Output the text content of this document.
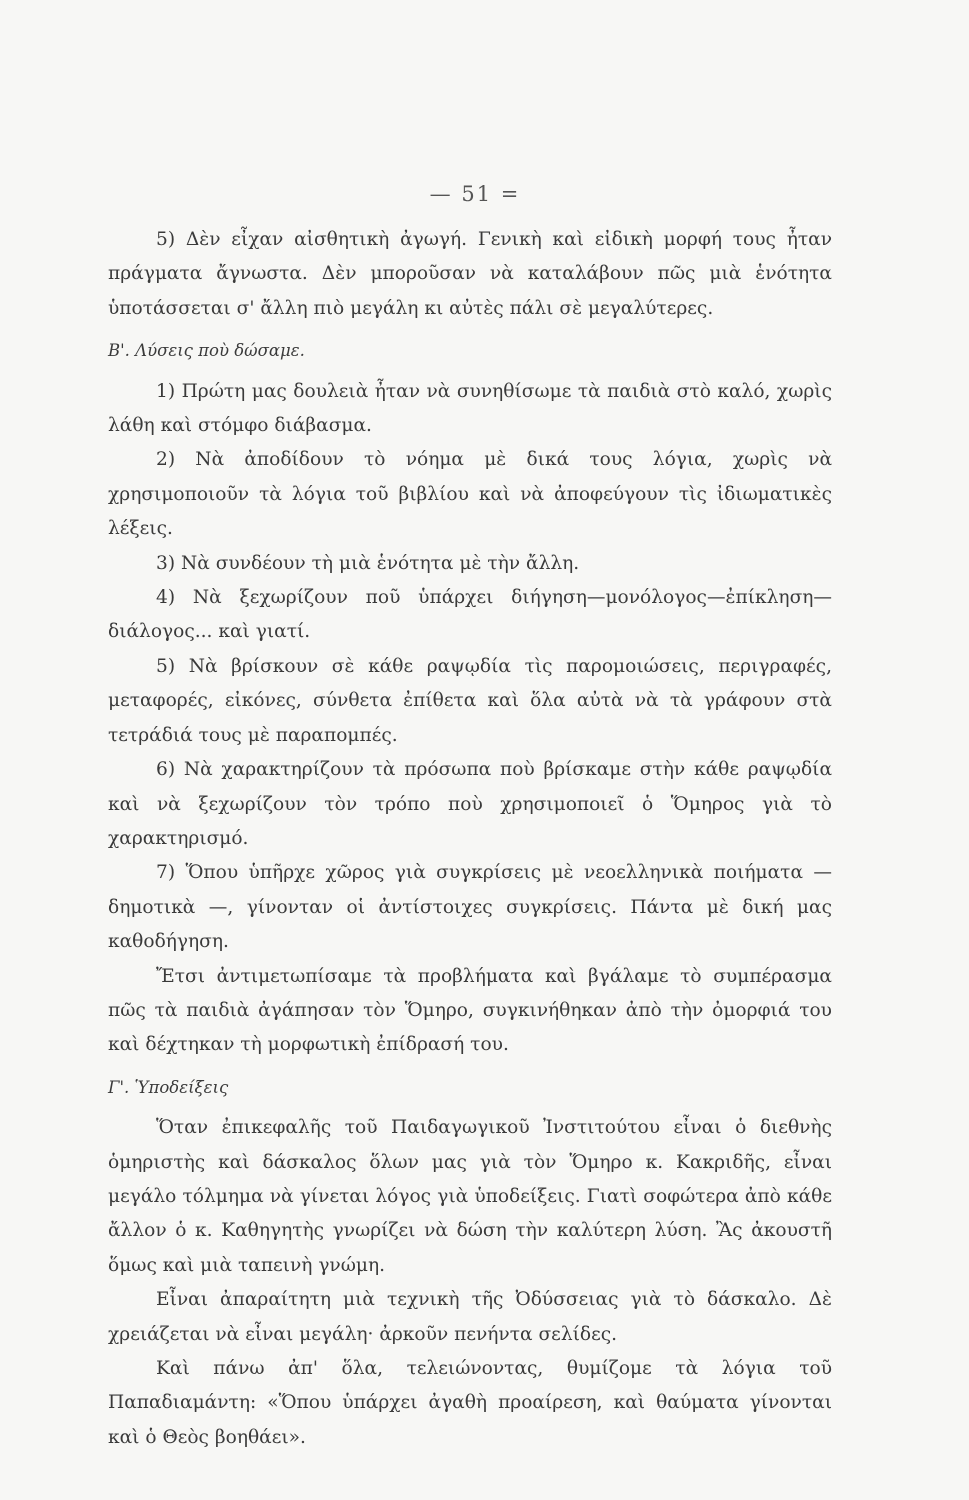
— 51 =

5) Δὲν εἶχαν αἰσθητικὴ ἀγωγή. Γενικὴ καὶ εἰδικὴ μορφή τους ἦταν πράγματα ἄγνωστα. Δὲν μποροῦσαν νὰ καταλάβουν πῶς μιὰ ἑνότητα ὑποτάσσεται σ' ἄλλη πιὸ μεγάλη κι αὐτὲς πάλι σὲ μεγαλύτερες.

Β'. Λύσεις ποὺ δώσαμε.

1) Πρώτη μας δουλειὰ ἦταν νὰ συνηθίσωμε τὰ παιδιὰ στὸ καλό, χωρὶς λάθη καὶ στόμφο διάβασμα.

2) Νὰ ἀποδίδουν τὸ νόημα μὲ δικά τους λόγια, χωρὶς νὰ χρησιμοποιοῦν τὰ λόγια τοῦ βιβλίου καὶ νὰ ἀποφεύγουν τὶς ἰδιωματικὲς λέξεις.

3) Νὰ συνδέουν τὴ μιὰ ἑνότητα μὲ τὴν ἄλλη.

4) Νὰ ξεχωρίζουν ποῦ ὑπάρχει διήγηση—μονόλογος—ἐπίκληση—διάλογος... καὶ γιατί.

5) Νὰ βρίσκουν σὲ κάθε ραψῳδία τὶς παρομοιώσεις, περιγραφές, μεταφορές, εἰκόνες, σύνθετα ἐπίθετα καὶ ὅλα αὐτὰ νὰ τὰ γράφουν στὰ τετράδιά τους μὲ παραπομπές.

6) Νὰ χαρακτηρίζουν τὰ πρόσωπα ποὺ βρίσκαμε στὴν κάθε ραψῳδία καὶ νὰ ξεχωρίζουν τὸν τρόπο ποὺ χρησιμοποιεῖ ὁ Ὅμηρος γιὰ τὸ χαρακτηρισμό.

7) Ὅπου ὑπῆρχε χῶρος γιὰ συγκρίσεις μὲ νεοελληνικὰ ποιήματα — δημοτικὰ —, γίνονταν οἱ ἀντίστοιχες συγκρίσεις. Πάντα μὲ δική μας καθοδήγηση.

Ἔτσι ἀντιμετωπίσαμε τὰ προβλήματα καὶ βγάλαμε τὸ συμπέρασμα πῶς τὰ παιδιὰ ἀγάπησαν τὸν Ὅμηρο, συγκινήθηκαν ἀπὸ τὴν ὀμορφιά του καὶ δέχτηκαν τὴ μορφωτικὴ ἐπίδρασή του.

Γ'. Ὑποδείξεις

Ὅταν ἐπικεφαλῆς τοῦ Παιδαγωγικοῦ Ἰνστιτούτου εἶναι ὁ διεθνὴς ὁμηριστὴς καὶ δάσκαλος ὅλων μας γιὰ τὸν Ὅμηρο κ. Κακριδῆς, εἶναι μεγάλο τόλμημα νὰ γίνεται λόγος γιὰ ὑποδείξεις. Γιατὶ σοφώτερα ἀπὸ κάθε ἄλλον ὁ κ. Καθηγητὴς γνωρίζει νὰ δώση τὴν καλύτερη λύση. Ἂς ἀκουστῆ ὅμως καὶ μιὰ ταπεινὴ γνώμη.

Εἶναι ἀπαραίτητη μιὰ τεχνικὴ τῆς Ὀδύσσειας γιὰ τὸ δάσκαλο. Δὲ χρειάζεται νὰ εἶναι μεγάλη· ἀρκοῦν πενήντα σελίδες.

Καὶ πάνω ἀπ' ὅλα, τελειώνοντας, θυμίζομε τὰ λόγια τοῦ Παπαδιαμάντη: «Ὅπου ὑπάρχει ἀγαθὴ προαίρεση, καὶ θαύματα γίνονται καὶ ὁ Θεὸς βοηθάει».
